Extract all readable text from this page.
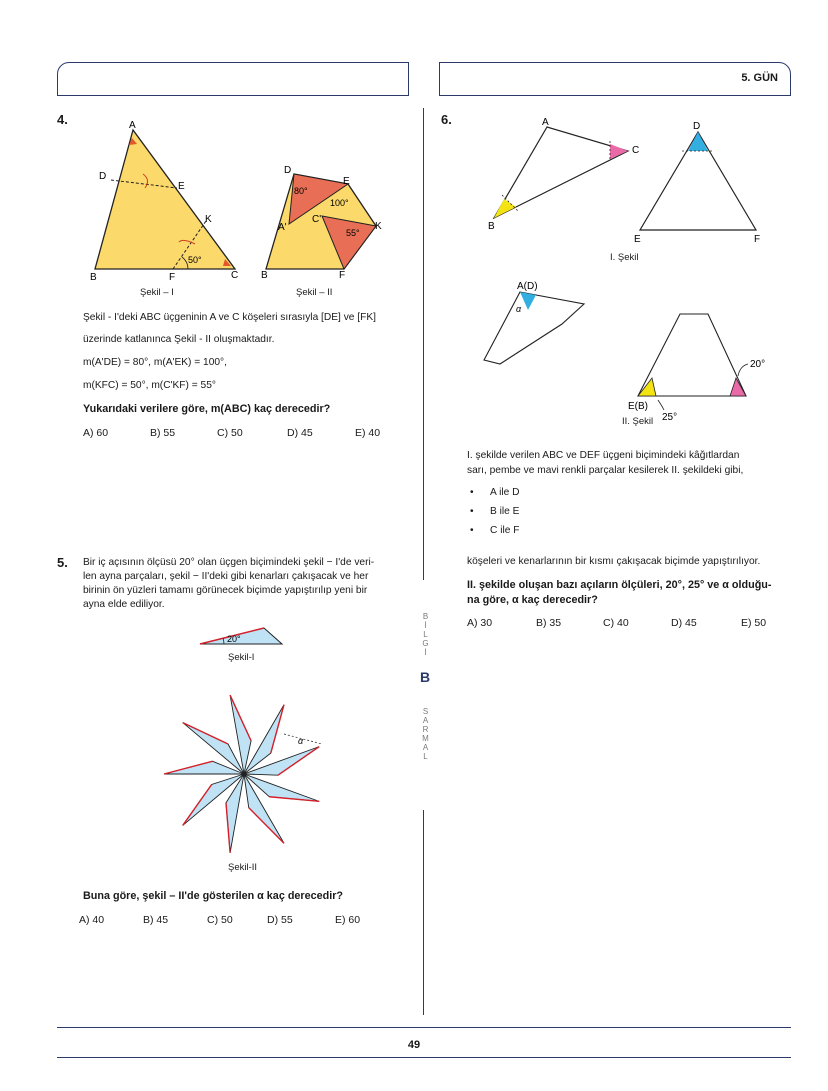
5. GÜN
BİLGİ
B
SARMAL
4.	A
D
E
K
B	F	C
50°
Şekil – I
D
E
A'
C'
K
B	F
80°
100°
55°
Şekil – II
Şekil - I'deki ABC üçgeninin A ve C köşeleri sırasıyla [DE] ve [FK]
üzerinde katlanınca Şekil - II oluşmaktadır.
m(A'DE) = 80°, m(A'EK) = 100°,
m(KFC) = 50°, m(C'KF) = 55°
Yukarıdaki verilere göre, m(ABC) kaç derecedir?
A) 60	B) 55	C) 50	D) 45	E) 40
5. Bir iç açısının ölçüsü 20° olan üçgen biçimindeki şekil − I'de veri-
len ayna parçaları, şekil − II'deki gibi kenarları çakışacak ve her
birinin ön yüzleri tamamı görünecek biçimde yapıştırılıp yeni bir
ayna elde ediliyor.
20°
Şekil-I
α
Şekil-II
Buna göre, şekil – II'de gösterilen α kaç derecedir?
A) 40	B) 45	C) 50	D) 55	E) 60
6.	A
B
C
D
E	F
I. Şekil
A(D)
α
20°
E(B)
25°
II. Şekil
I. şekilde verilen ABC ve DEF üçgeni biçimindeki kâğıtlardan
sarı, pembe ve mavi renkli parçalar kesilerek II. şekildeki gibi,
• A ile D
• B ile E
• C ile F
köşeleri ve kenarlarının bir kısmı çakışacak biçimde yapıştırılıyor.
II. şekilde oluşan bazı açıların ölçüleri, 20°, 25° ve α olduğu-
na göre, α kaç derecedir?
A) 30	B) 35	C) 40	D) 45	E) 50
49
